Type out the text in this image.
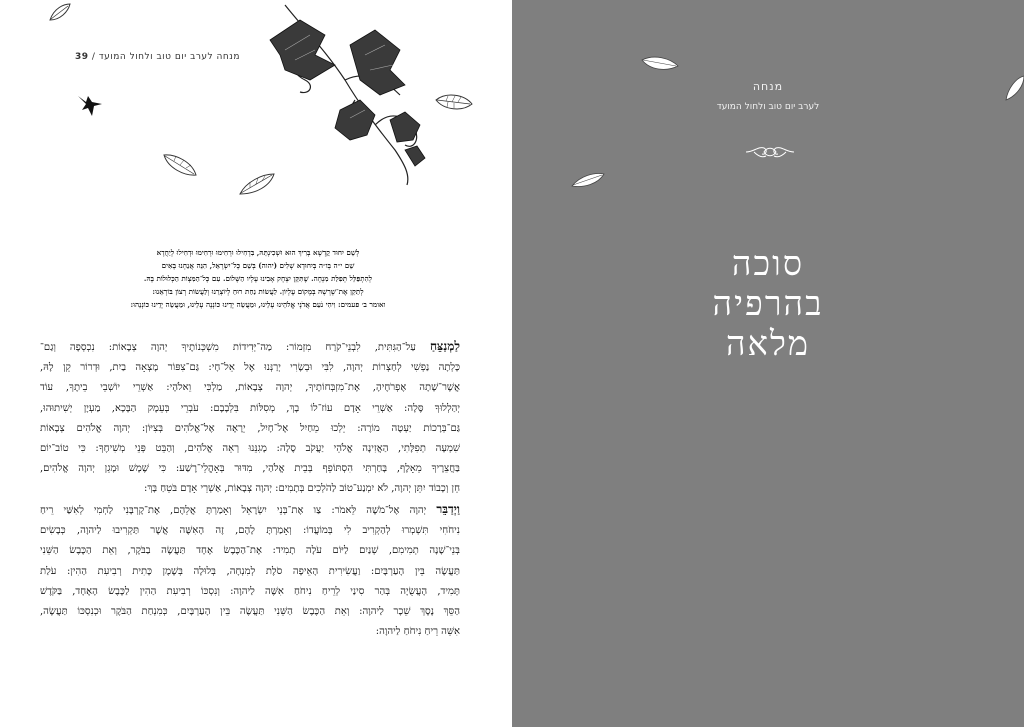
מנחה לערב יום טוב ולחול המועד / 39
לְשֵׁם יִחוּד קֻדְשָׁא בְּרִיךְ הוּא וּשְׁכִינְתֵּהּ, בִּדְחִילוּ וּרְחִימוּ וּרְחִימוּ וּדְחִילוּ לְיַחֲדָא
שֵׁם י״ה בְּו״ה בְּיִחוּדָא שְׁלִים (יהוה) בְּשֵׁם כָּל־יִשְׂרָאֵל, הִנֵּה אֲנַחְנוּ בָּאִים
לְהִתְפַּלֵּל תְּפִלַּת מִנְחָה. שֶׁתִּקֵּן יִצְחָק אָבִינוּ עָלָיו הַשָּׁלוֹם. עִם כָּל־הַמִּצְוֹת הַכְּלוּלוֹת בָּהּ.
לְתַקֵּן אֶת־שָׁרְשָׁהּ בְּמָקוֹם עֶלְיוֹן. לַעֲשׂוֹת נַחַת רוּחַ לְיוֹצְרֵנוּ וְלַעֲשׂוֹת רְצוֹן בּוֹרְאֵנוּ:
ואומר ב׳ פעמים: וִיהִי נֹעַם אֲדֹנָי אֱלֹהֵינוּ עָלֵינוּ, וּמַעֲשֵׂה יָדֵינוּ כּוֹנְנָה עָלֵינוּ, וּמַעֲשֵׂה יָדֵינוּ כּוֹנְנֵהוּ:
לַמְנַצֵּחַ עַל־הַגִּתִּית, לִבְנֵי־קֹרַח מִזְמוֹר: מַה־יְּדִידוֹת מִשְׁכְּנוֹתֶיךָ יְהוָה צְבָאוֹת: נִכְסְפָה וְגַם־
כָּלְתָה נַפְשִׁי לְחַצְרוֹת יְהוָה, לִבִּי וּבְשָׂרִי יְרַנְּנוּ אֶל אֵל־חָי: גַּם־צִפּוֹר מָצְאָה בַיִת, וּדְרוֹר קֵן לָהּ,
אֲשֶׁר־שָׁתָה אֶפְרֹחֶיהָ, אֶת־מִזְבְּחוֹתֶיךָ, יְהוָה צְבָאוֹת, מַלְכִּי וֵאלֹהָי: אַשְׁרֵי יוֹשְׁבֵי בֵיתֶךָ, עוֹד
יְהַלְלוּךָ סֶּלָה: אַשְׁרֵי אָדָם עוֹז־לוֹ בָךְ, מְסִלּוֹת בִּלְבָבָם: עֹבְרֵי בְּעֵמֶק הַבָּכָא, מַעְיָן יְשִׁיתוּהוּ,
גַּם־בְּרָכוֹת יַעְטֶה מוֹרֶה: יֵלְכוּ מֵחַיִל אֶל־חָיִל, יֵרָאֶה אֶל־אֱלֹהִים בְּצִיּוֹן: יְהוָה אֱלֹהִים צְבָאוֹת
שִׁמְעָה תְפִלָּתִי, הַאֲזִינָה אֱלֹהֵי יַעֲקֹב סֶלָה: מָגִנֵּנוּ רְאֵה אֱלֹהִים, וְהַבֵּט פְּנֵי מְשִׁיחֶךָ: כִּי טוֹב־יוֹם
בַּחֲצֵרֶיךָ מֵאָלֶף, בָּחַרְתִּי הִסְתּוֹפֵף בְּבֵית אֱלֹהַי, מִדּוּר בְּאָהֳלֵי־רֶשַׁע: כִּי שֶׁמֶשׁ וּמָגֵן יְהוָה אֱלֹהִים,
חֵן וְכָבוֹד יִתֵּן יְהוָה, לֹא יִמְנַע־טוֹב לַהֹלְכִים בְּתָמִים: יְהוָה צְבָאוֹת, אַשְׁרֵי אָדָם בֹּטֵחַ בָּךְ:
וַיְדַבֵּר יְהוָה אֶל־מֹשֶׁה לֵּאמֹר: צַו אֶת־בְּנֵי יִשְׂרָאֵל וְאָמַרְתָּ אֲלֵהֶם, אֶת־קָרְבָּנִי לַחְמִי לְאִשַּׁי רֵיחַ
נִיחֹחִי תִּשְׁמְרוּ לְהַקְרִיב לִי בְּמוֹעֲדוֹ: וְאָמַרְתָּ לָהֶם, זֶה הָאִשֶּׁה אֲשֶׁר תַּקְרִיבוּ לַיהוָה, כְּבָשִׂים
בְּנֵי־שָׁנָה תְמִימִם, שְׁנַיִם לַיּוֹם עֹלָה תָמִיד: אֶת־הַכֶּבֶשׂ אֶחָד תַּעֲשֶׂה בַבֹּקֶר, וְאֵת הַכֶּבֶשׂ הַשֵּׁנִי
תַּעֲשֶׂה בֵּין הָעַרְבָּיִם: וַעֲשִׂירִית הָאֵיפָה סֹלֶת לְמִנְחָה, בְּלוּלָה בְּשֶׁמֶן כָּתִית רְבִיעִת הַהִין: עֹלַת
תָּמִיד, הָעֲשֻׂיָה בְּהַר סִינַי לְרֵיחַ נִיחֹחַ אִשֶּׁה לַיהוָה: וְנִסְכּוֹ רְבִיעִת הַהִין לַכֶּבֶשׂ הָאֶחָד, בַּקֹּדֶשׁ
הַסֵּךְ נֶסֶךְ שֵׁכָר לַיהוָה: וְאֵת הַכֶּבֶשׂ הַשֵּׁנִי תַּעֲשֶׂה בֵּין הָעַרְבָּיִם, כְּמִנְחַת הַבֹּקֶר וּכְנִסְכּוֹ תַּעֲשֶׂה,
אִשֵּׁה רֵיחַ נִיחֹחַ לַיהוָה:
מנחה
לערב יום טוב ולחול המועד
סוכה
בהרפיה
מלאה
